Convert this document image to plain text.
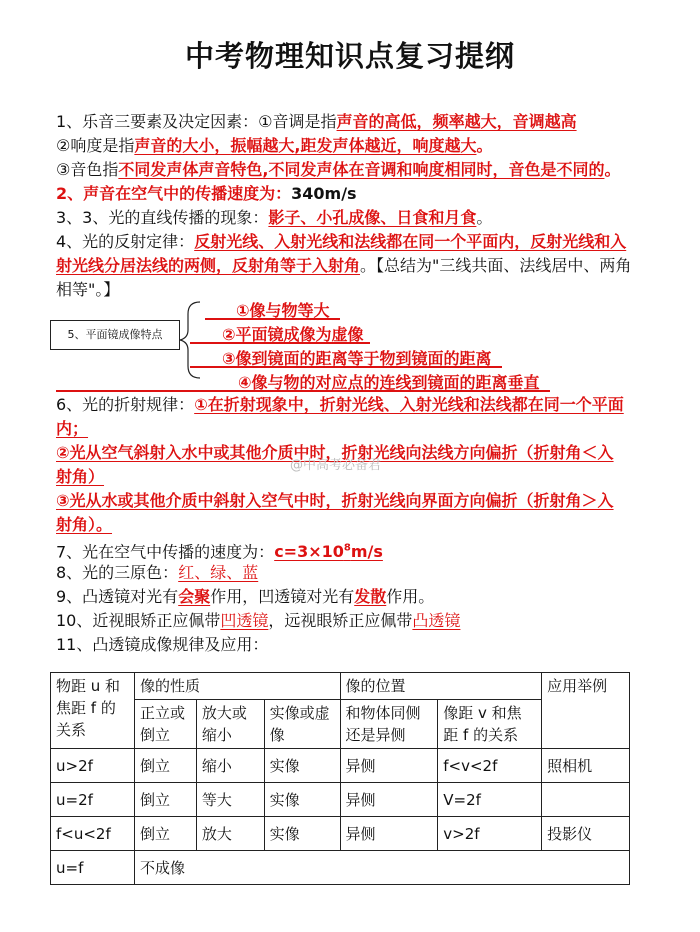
中考物理知识点复习提纲
1、乐音三要素及决定因素：①音调是指声音的高低，频率越大，音调越高
②响度是指声音的大小，振幅越大,距发声体越近，响度越大。
③音色指不同发声体声音特色,不同发声体在音调和响度相同时，音色是不同的。
2、声音在空气中的传播速度为：340m/s
3、3、光的直线传播的现象：影子、小孔成像、日食和月食。
4、光的反射定律：反射光线、入射光线和法线都在同一个平面内，反射光线和入
射光线分居法线的两侧，反射角等于入射角。【总结为"三线共面、法线居中、两角
相等"。】
5、平面镜成像特点
①像与物等大
②平面镜成像为虚像
③像到镜面的距离等于物到镜面的距离
④像与物的对应点的连线到镜面的距离垂直
6、光的折射规律：①在折射现象中，折射光线、入射光线和法线都在同一个平面
内；
②光从空气斜射入水中或其他介质中时，折射光线向法线方向偏折（折射角＜入
射角）
③光从水或其他介质中斜射入空气中时，折射光线向界面方向偏折（折射角＞入
射角）。
@中高考必备君
7、光在空气中传播的速度为：$c=3\times 10^8m/s$
8、光的三原色：红、绿、蓝
9、凸透镜对光有会聚作用，凹透镜对光有发散作用。
10、近视眼矫正应佩带凹透镜，远视眼矫正应佩带凸透镜
11、凸透镜成像规律及应用：
物距 u 和焦距 f 的关系	像的性质			像的位置		应用举例
	正立或倒立	放大或缩小	实像或虚像	和物体同侧还是异侧	像距 v 和焦距 f 的关系	
u>2f	倒立	缩小	实像	异侧	f<v<2f	照相机
u=2f	倒立	等大	实像	异侧	V=2f	
f<u<2f	倒立	放大	实像	异侧	v>2f	投影仪
u=f	不成像					
